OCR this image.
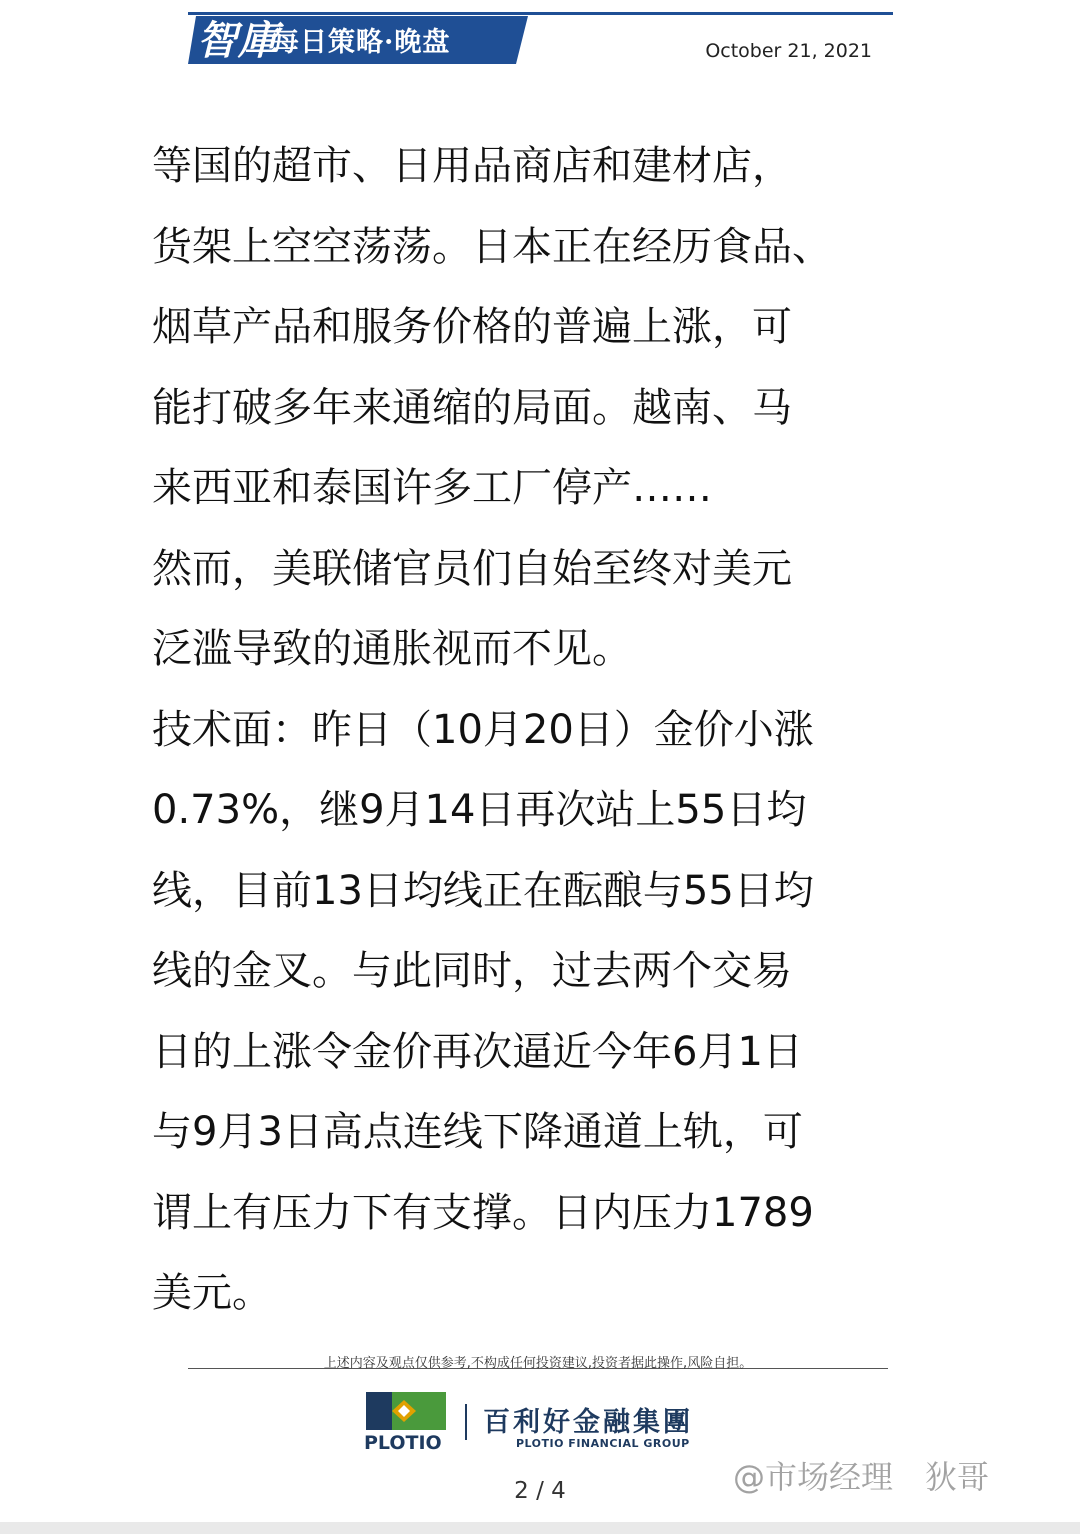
智庫
每日策略·晚盘	October 21, 2021

等国的超市、日用品商店和建材店，

货架上空空荡荡。日本正在经历食品、

烟草产品和服务价格的普遍上涨，可

能打破多年来通缩的局面。越南、马

来西亚和泰国许多工厂停产……

然而，美联储官员们自始至终对美元

泛滥导致的通胀视而不见。

技术面：昨日（10月20日）金价小涨

0.73%，继9月14日再次站上55日均

线，目前13日均线正在酝酿与55日均

线的金叉。与此同时，过去两个交易

日的上涨令金价再次逼近今年6月1日

与9月3日高点连线下降通道上轨，可

谓上有压力下有支撑。日内压力1789

美元。

上述内容及观点仅供参考,不构成任何投资建议,投资者据此操作,风险自担。
PLOTIO
百利好金融集團
PLOTIO FINANCIAL GROUP
@市场经理　狄哥
2 / 4
